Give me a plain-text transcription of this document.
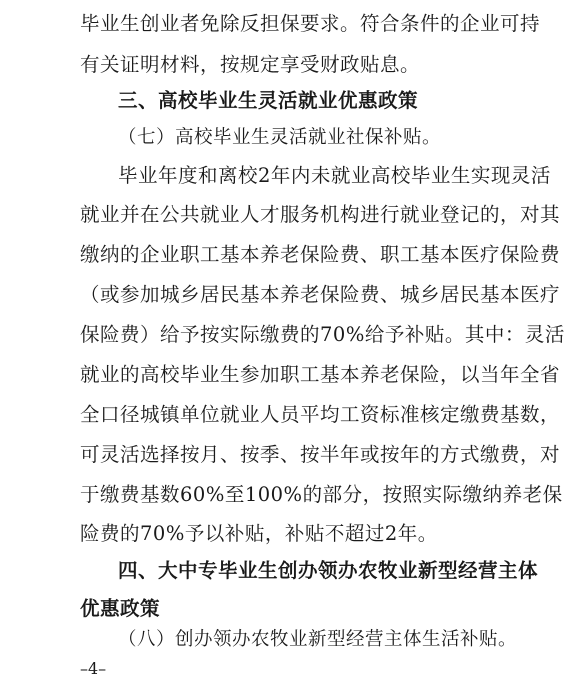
毕业生创业者免除反担保要求。符合条件的企业可持
有关证明材料，按规定享受财政贴息。
三、高校毕业生灵活就业优惠政策
（七）高校毕业生灵活就业社保补贴。
毕业年度和离校2年内未就业高校毕业生实现灵活
就业并在公共就业人才服务机构进行就业登记的，对其
缴纳的企业职工基本养老保险费、职工基本医疗保险费
（或参加城乡居民基本养老保险费、城乡居民基本医疗
保险费）给予按实际缴费的70%给予补贴。其中：灵活
就业的高校毕业生参加职工基本养老保险，以当年全省
全口径城镇单位就业人员平均工资标准核定缴费基数，
可灵活选择按月、按季、按半年或按年的方式缴费，对
于缴费基数60%至100%的部分，按照实际缴纳养老保
险费的70%予以补贴，补贴不超过2年。
四、大中专毕业生创办领办农牧业新型经营主体
优惠政策
（八）创办领办农牧业新型经营主体生活补贴。
–4–
